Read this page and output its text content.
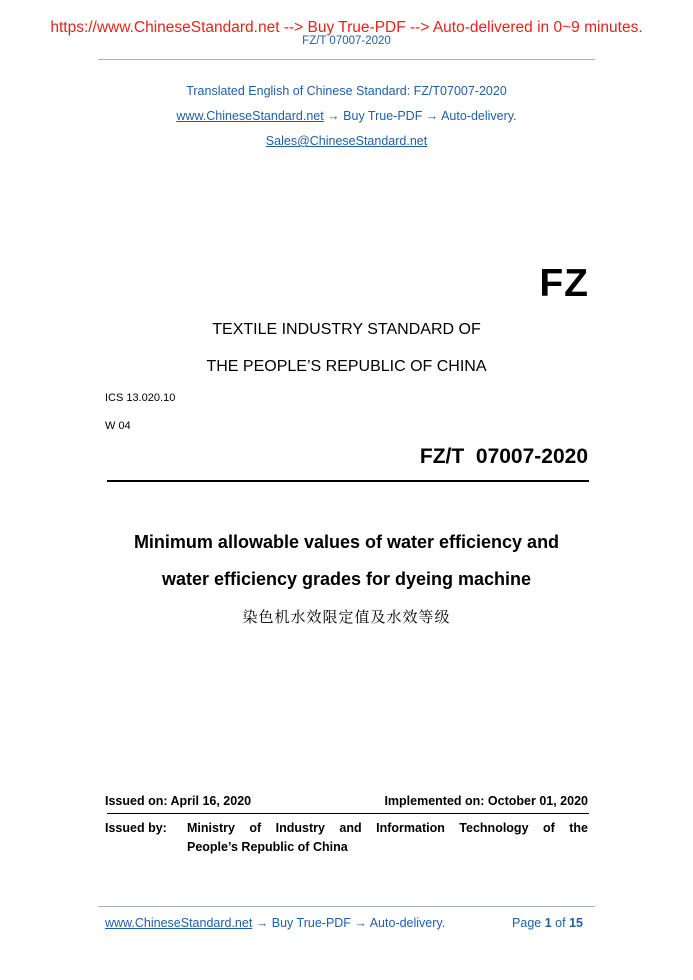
https://www.ChineseStandard.net --> Buy True-PDF --> Auto-delivered in 0~9 minutes.
FZ/T 07007-2020
Translated English of Chinese Standard: FZ/T07007-2020
www.ChineseStandard.net → Buy True-PDF → Auto-delivery.
Sales@ChineseStandard.net
FZ
TEXTILE INDUSTRY STANDARD OF
THE PEOPLE’S REPUBLIC OF CHINA
ICS 13.020.10
W 04
FZ/T  07007-2020
Minimum allowable values of water efficiency and
water efficiency grades for dyeing machine
染色机水效限定值及水效等级
Issued on: April 16, 2020	Implemented on: October 01, 2020
Issued by: Ministry of Industry and Information Technology of the
People’s Republic of China
www.ChineseStandard.net → Buy True-PDF → Auto-delivery.	Page 1 of 15
